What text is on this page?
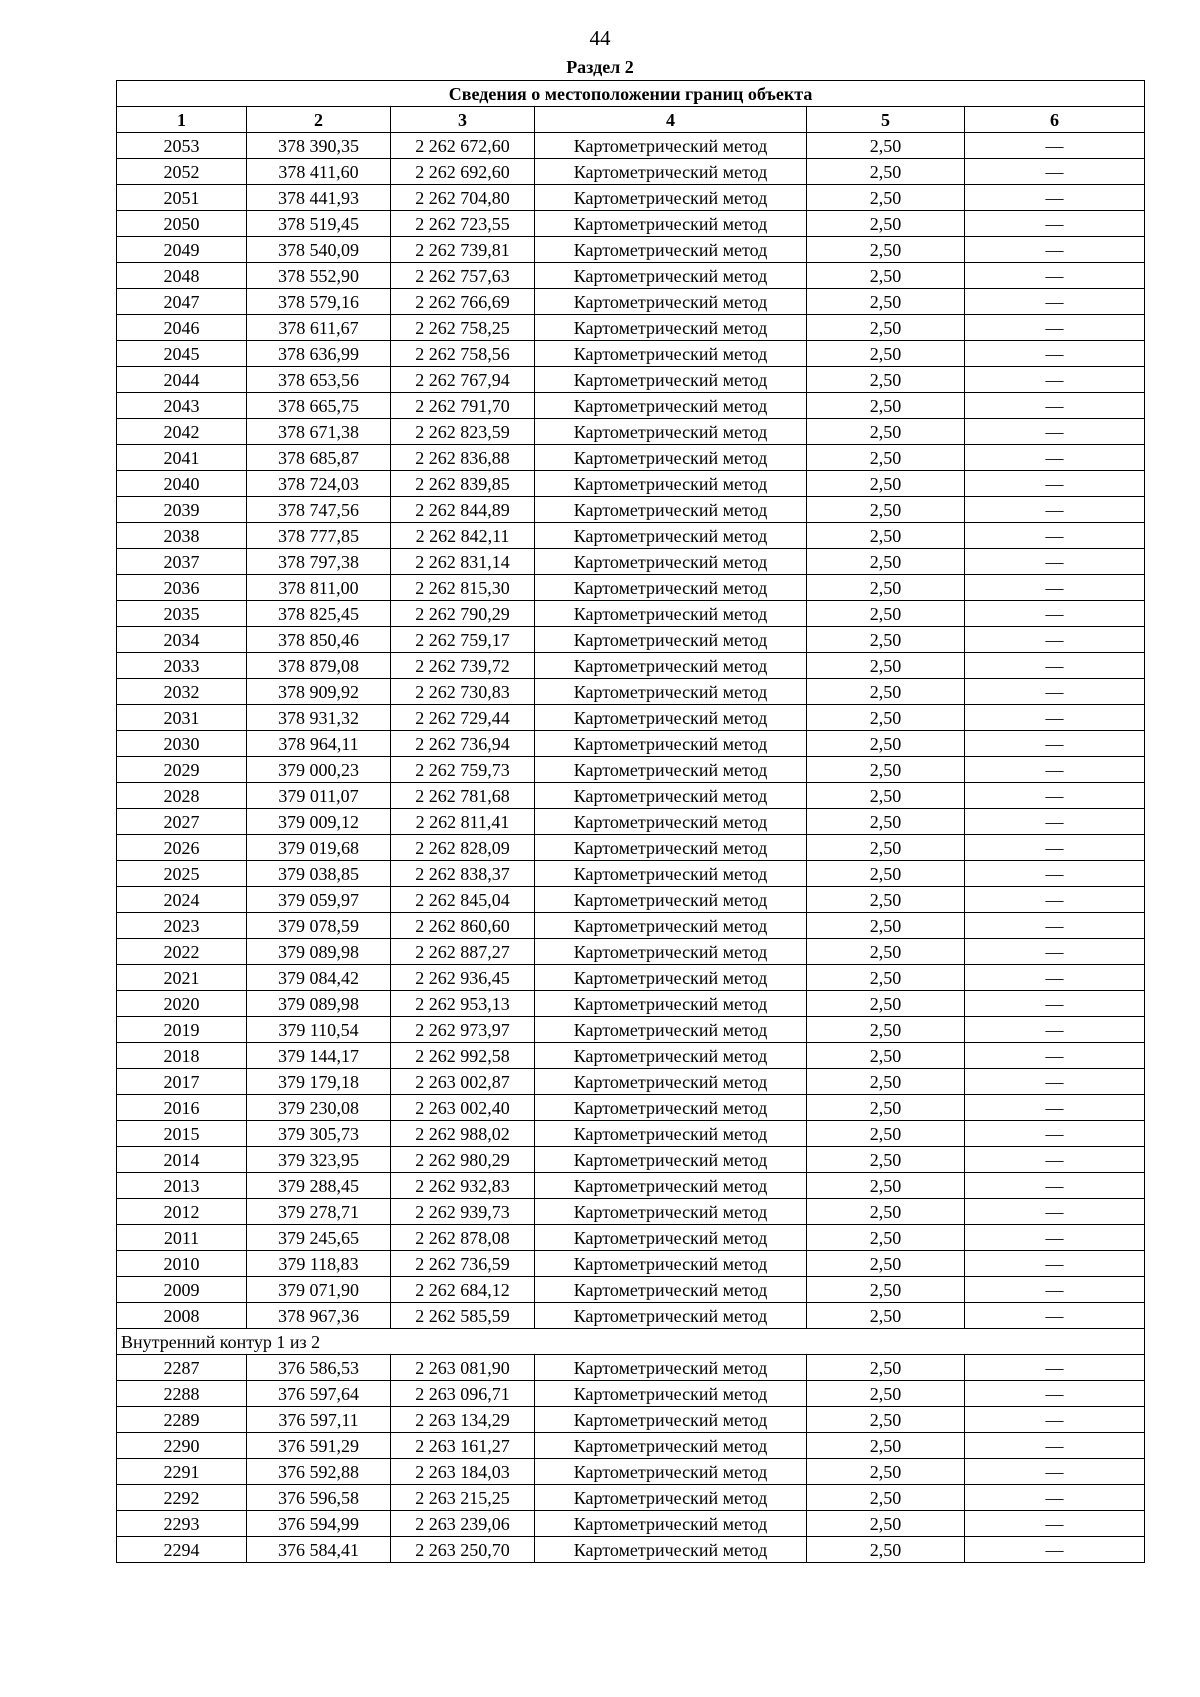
44
Раздел 2
Сведения о местоположении границ объекта					
1	2	3	4	5	6
2053	378 390,35	2 262 672,60	Картометрический метод	2,50	—
2052	378 411,60	2 262 692,60	Картометрический метод	2,50	—
2051	378 441,93	2 262 704,80	Картометрический метод	2,50	—
2050	378 519,45	2 262 723,55	Картометрический метод	2,50	—
2049	378 540,09	2 262 739,81	Картометрический метод	2,50	—
2048	378 552,90	2 262 757,63	Картометрический метод	2,50	—
2047	378 579,16	2 262 766,69	Картометрический метод	2,50	—
2046	378 611,67	2 262 758,25	Картометрический метод	2,50	—
2045	378 636,99	2 262 758,56	Картометрический метод	2,50	—
2044	378 653,56	2 262 767,94	Картометрический метод	2,50	—
2043	378 665,75	2 262 791,70	Картометрический метод	2,50	—
2042	378 671,38	2 262 823,59	Картометрический метод	2,50	—
2041	378 685,87	2 262 836,88	Картометрический метод	2,50	—
2040	378 724,03	2 262 839,85	Картометрический метод	2,50	—
2039	378 747,56	2 262 844,89	Картометрический метод	2,50	—
2038	378 777,85	2 262 842,11	Картометрический метод	2,50	—
2037	378 797,38	2 262 831,14	Картометрический метод	2,50	—
2036	378 811,00	2 262 815,30	Картометрический метод	2,50	—
2035	378 825,45	2 262 790,29	Картометрический метод	2,50	—
2034	378 850,46	2 262 759,17	Картометрический метод	2,50	—
2033	378 879,08	2 262 739,72	Картометрический метод	2,50	—
2032	378 909,92	2 262 730,83	Картометрический метод	2,50	—
2031	378 931,32	2 262 729,44	Картометрический метод	2,50	—
2030	378 964,11	2 262 736,94	Картометрический метод	2,50	—
2029	379 000,23	2 262 759,73	Картометрический метод	2,50	—
2028	379 011,07	2 262 781,68	Картометрический метод	2,50	—
2027	379 009,12	2 262 811,41	Картометрический метод	2,50	—
2026	379 019,68	2 262 828,09	Картометрический метод	2,50	—
2025	379 038,85	2 262 838,37	Картометрический метод	2,50	—
2024	379 059,97	2 262 845,04	Картометрический метод	2,50	—
2023	379 078,59	2 262 860,60	Картометрический метод	2,50	—
2022	379 089,98	2 262 887,27	Картометрический метод	2,50	—
2021	379 084,42	2 262 936,45	Картометрический метод	2,50	—
2020	379 089,98	2 262 953,13	Картометрический метод	2,50	—
2019	379 110,54	2 262 973,97	Картометрический метод	2,50	—
2018	379 144,17	2 262 992,58	Картометрический метод	2,50	—
2017	379 179,18	2 263 002,87	Картометрический метод	2,50	—
2016	379 230,08	2 263 002,40	Картометрический метод	2,50	—
2015	379 305,73	2 262 988,02	Картометрический метод	2,50	—
2014	379 323,95	2 262 980,29	Картометрический метод	2,50	—
2013	379 288,45	2 262 932,83	Картометрический метод	2,50	—
2012	379 278,71	2 262 939,73	Картометрический метод	2,50	—
2011	379 245,65	2 262 878,08	Картометрический метод	2,50	—
2010	379 118,83	2 262 736,59	Картометрический метод	2,50	—
2009	379 071,90	2 262 684,12	Картометрический метод	2,50	—
2008	378 967,36	2 262 585,59	Картометрический метод	2,50	—
Внутренний контур 1 из 2					
2287	376 586,53	2 263 081,90	Картометрический метод	2,50	—
2288	376 597,64	2 263 096,71	Картометрический метод	2,50	—
2289	376 597,11	2 263 134,29	Картометрический метод	2,50	—
2290	376 591,29	2 263 161,27	Картометрический метод	2,50	—
2291	376 592,88	2 263 184,03	Картометрический метод	2,50	—
2292	376 596,58	2 263 215,25	Картометрический метод	2,50	—
2293	376 594,99	2 263 239,06	Картометрический метод	2,50	—
2294	376 584,41	2 263 250,70	Картометрический метод	2,50	—
